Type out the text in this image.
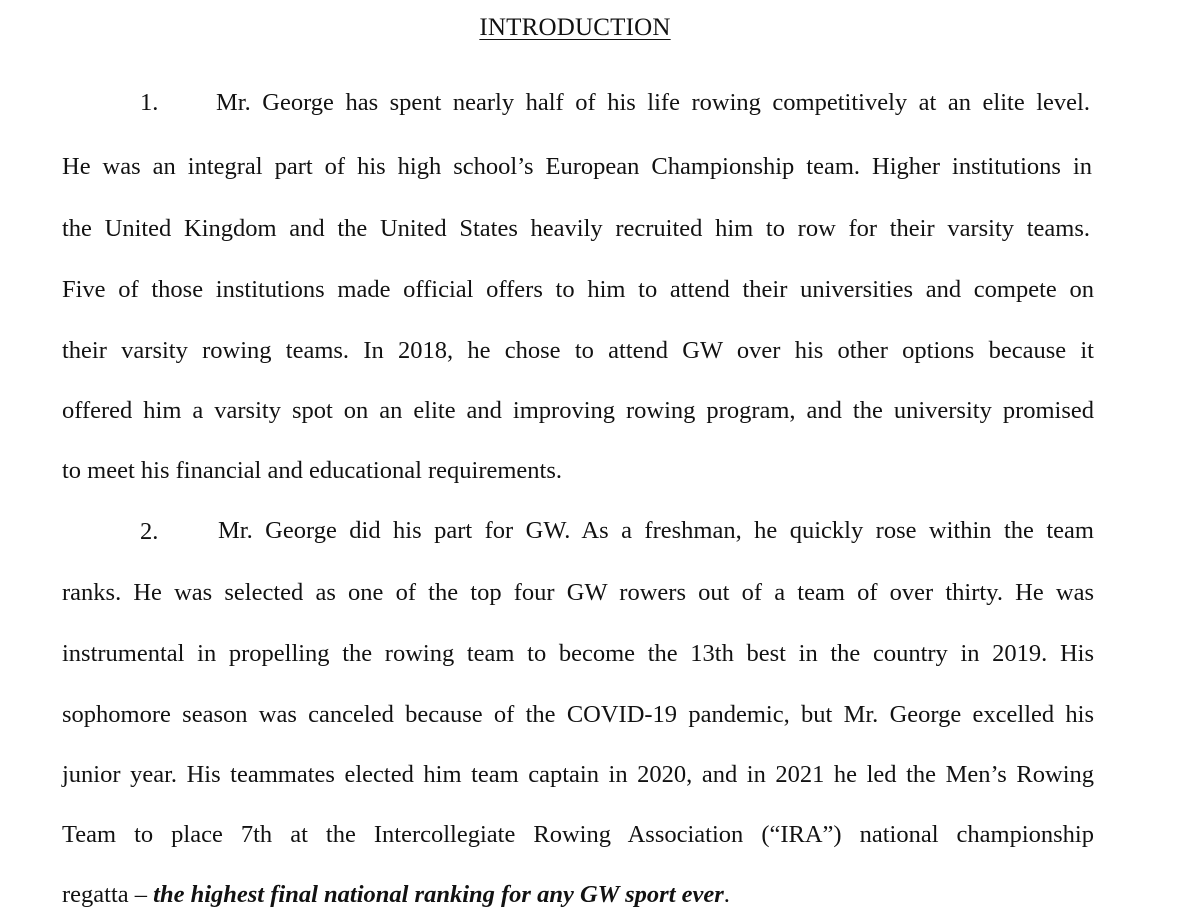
INTRODUCTION
1. Mr. George has spent nearly half of his life rowing competitively at an elite level.
He was an integral part of his high school’s European Championship team. Higher institutions in
the United Kingdom and the United States heavily recruited him to row for their varsity teams.
Five of those institutions made official offers to him to attend their universities and compete on
their varsity rowing teams. In 2018, he chose to attend GW over his other options because it
offered him a varsity spot on an elite and improving rowing program, and the university promised
to meet his financial and educational requirements.
2. Mr. George did his part for GW. As a freshman, he quickly rose within the team
ranks. He was selected as one of the top four GW rowers out of a team of over thirty. He was
instrumental in propelling the rowing team to become the 13th best in the country in 2019. His
sophomore season was canceled because of the COVID-19 pandemic, but Mr. George excelled his
junior year. His teammates elected him team captain in 2020, and in 2021 he led the Men’s Rowing
Team to place 7th at the Intercollegiate Rowing Association (“IRA”) national championship
regatta – the highest final national ranking for any GW sport ever.
